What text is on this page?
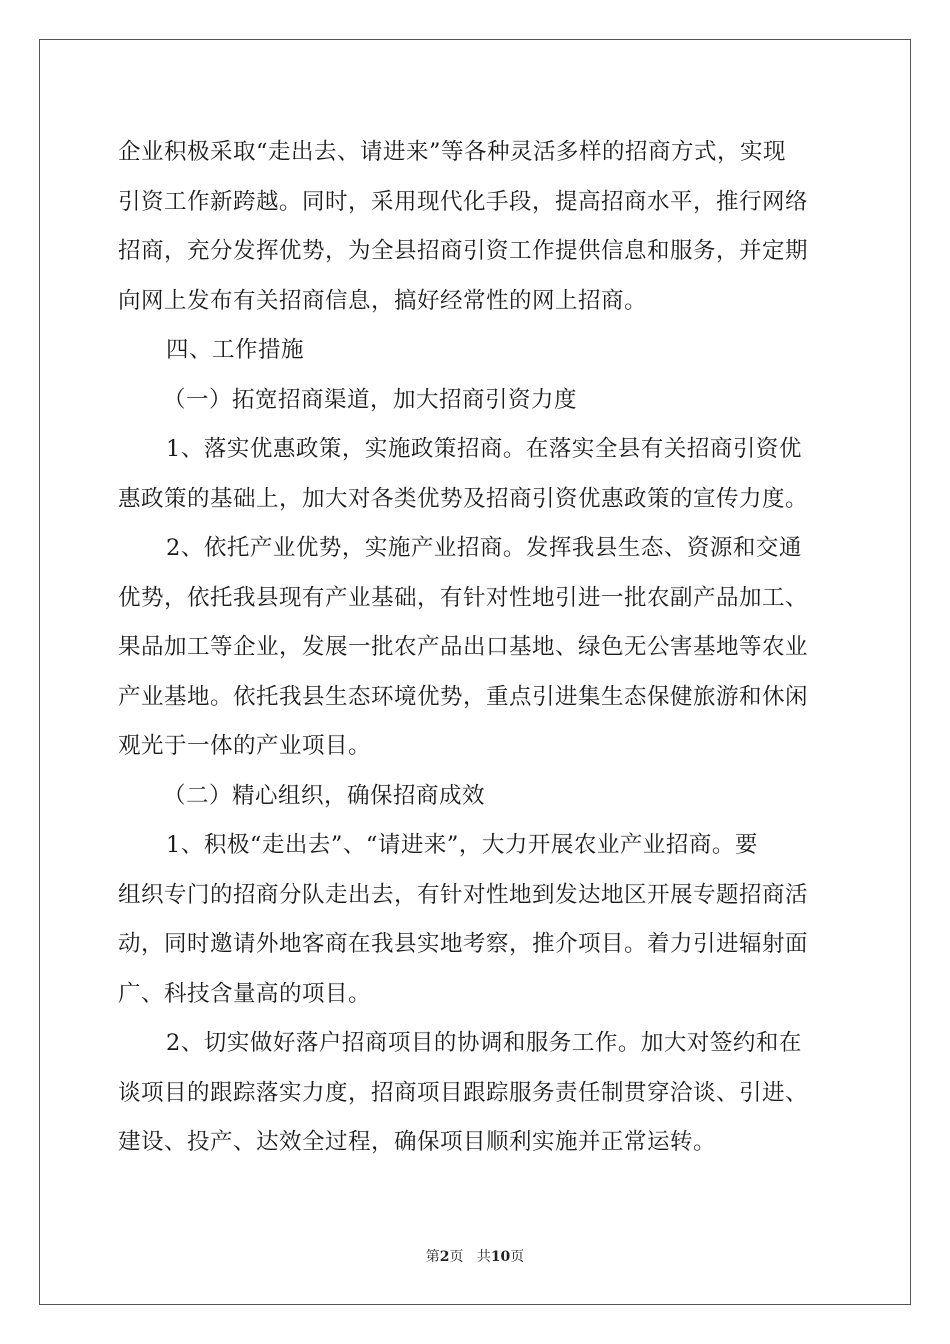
企业积极采取“走出去、请进来”等各种灵活多样的招商方式，实现
引资工作新跨越。同时，采用现代化手段，提高招商水平，推行网络
招商，充分发挥优势，为全县招商引资工作提供信息和服务，并定期
向网上发布有关招商信息，搞好经常性的网上招商。
四、工作措施
（一）拓宽招商渠道，加大招商引资力度
1、落实优惠政策，实施政策招商。在落实全县有关招商引资优
惠政策的基础上，加大对各类优势及招商引资优惠政策的宣传力度。
2、依托产业优势，实施产业招商。发挥我县生态、资源和交通
优势，依托我县现有产业基础，有针对性地引进一批农副产品加工、
果品加工等企业，发展一批农产品出口基地、绿色无公害基地等农业
产业基地。依托我县生态环境优势，重点引进集生态保健旅游和休闲
观光于一体的产业项目。
（二）精心组织，确保招商成效
1、积极“走出去”、“请进来”，大力开展农业产业招商。要
组织专门的招商分队走出去，有针对性地到发达地区开展专题招商活
动，同时邀请外地客商在我县实地考察，推介项目。着力引进辐射面
广、科技含量高的项目。
2、切实做好落户招商项目的协调和服务工作。加大对签约和在
谈项目的跟踪落实力度，招商项目跟踪服务责任制贯穿洽谈、引进、
建设、投产、达效全过程，确保项目顺利实施并正常运转。
第2页 共10页
